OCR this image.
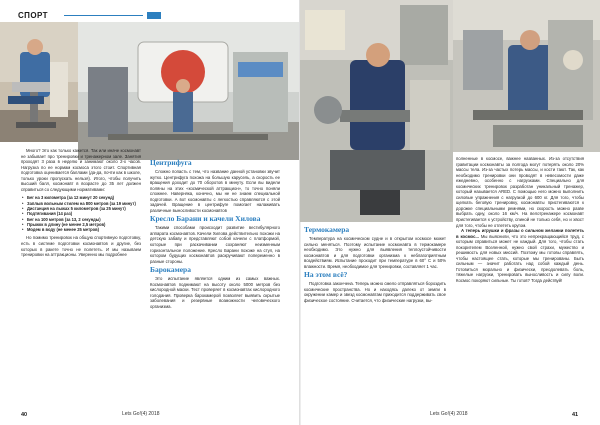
СПОРТ

Много? Это как только кажется. Так или иначе космонавт не забывает про тренировки и тренажерном зале. Занятия проходят 3 раза в неделю и занимают около 2-х часов. Нагрузка по ее нормам космоса этого стоит. Спортивная подготовка оценивается баллами (да-да, почти как в школе, только уроки пропускать нельзя). Итого, чтобы получить высший балл, космонавт в возрасте до 35 лет должен справиться со следующими нормативами:

• Бег на 3 километра (за 12 минут 20 секунд)
• Заплыв вольным стилем на 800 метров (за 19 минут)
• Дистанция на лыжах 5 километров (за 25 минут)
• Подтягивания (14 раз)
• Бег на 100 метров (за 13, 2 секунды)
• Прыжок в длину (не менее 2,5 метров)
• Модем в воду (не менее 25 метров)

Но помимо тренировок на общую спортивную подготовку, есть в системе подготовки космонавтов и другие, без которых в ракете точно не полететь. И мы называем тренировки на аттракционы. Уверенно мы подробнее

Центрифуга

Сложно попасть с тем, что название данной установки звучит жутко. Центрифуга похожа на большую карусель, а скорость ее вращения доходит до 70 оборотов в минуту. Если вы видели поляны на этих «космической аттракцион», то точно поняли сложнее. Наверняка, конечно, мы не не знаем специальной подготовки. А вот космонавты с легкостью справляются с этой задачей. Вращение в центрифуге помогает налаживать различные выносливости космонавтов

Кресло Барани и качели Хилова

Такими способами происходит развитие вестибулярного аппарата космонавтов. Качели Хилова действительно похожи на детскую забаву и представляют собой качели с платформой, которые при раскачивании сохраняют неизменным горизонтальное положение. Кресло Барани похоже на стул, на котором будущих космонавтов раскручивают попеременно в разные стороны.

Барокамера

Это испытание является одним из самых важных. Космонавтов поднимают на высоту около 5000 метров без кислородной маски. Тест проверяет в космонавтах кислородного голодания. Проверка барокамерой позволяет выявить скрытые заболевания и резервные возможности человеческого организма.

40	Lets Go!(4) 2018
Термокамера

Температура на космическом судне и в открытом космосе может сильно меняться. Поэтому испытание космонавта в термокамере необходимо. Это нужно для выявления теплоустойчивости космонавтов и для подготовки организма к неблагоприятным воздействиям. Испытание проходит при температуре в 60° С и 50% влажности. Время, необходимое для тренировки, составляет 1 час.

На этом всё?

Подготовка закончена. Теперь можно смело отправляться бороздить космические пространства. Но и находясь далеко от земли в окружении камер и звезд космонавтам приходится поддерживать свое физическое состояние. Считается, что физические нагрузки, вы-

полненные в космосе, важнее названных. Из-за отсутствия гравитации космонавты за полгода могут потерять около 20% массы тела. Из-за частых потерь массы, и кости тают. Так, как необходимо тренировки они проводят в невесомости даже ежедневно, особенно с нагрузками. Специально для космических тренировок разработан уникальный тренажер, который называется ARED. С помощью него можно выполнить силовые упражнения с нагрузкой до 600 кг. Для того, чтобы щелкать беговую тренировку, космонавты пристегиваются к дорожке специальными ремнями, но скорость можно разве выбрать одну, около 16 км/ч. На велотренажере космонавт пристегивается к устройству, спиной не только себя, но и хвост для того, чтобы не отлететь кругом.

А теперь игрушки и фразы о сильном желании полететь в космос... Мы выяснили, что это непрекращающийся труд, с которым справиться может не каждый. Для того, чтобы стать покорителем Вселенной, нужно свой страхи, мужество и решимость для новых миссий. Поэтому мы готовы справлять, чтобы настоящее стать, которые мы тренированы. Быть сильным — значит работать над собой каждый день. Готовиться морально и физически, преодолевать боль, тяжелые нагрузки, тренировать выносливость и силу воли. Космос покоряют сильные. Ты готов? Тогда действуй!

Lets Go!(4) 2018	41
